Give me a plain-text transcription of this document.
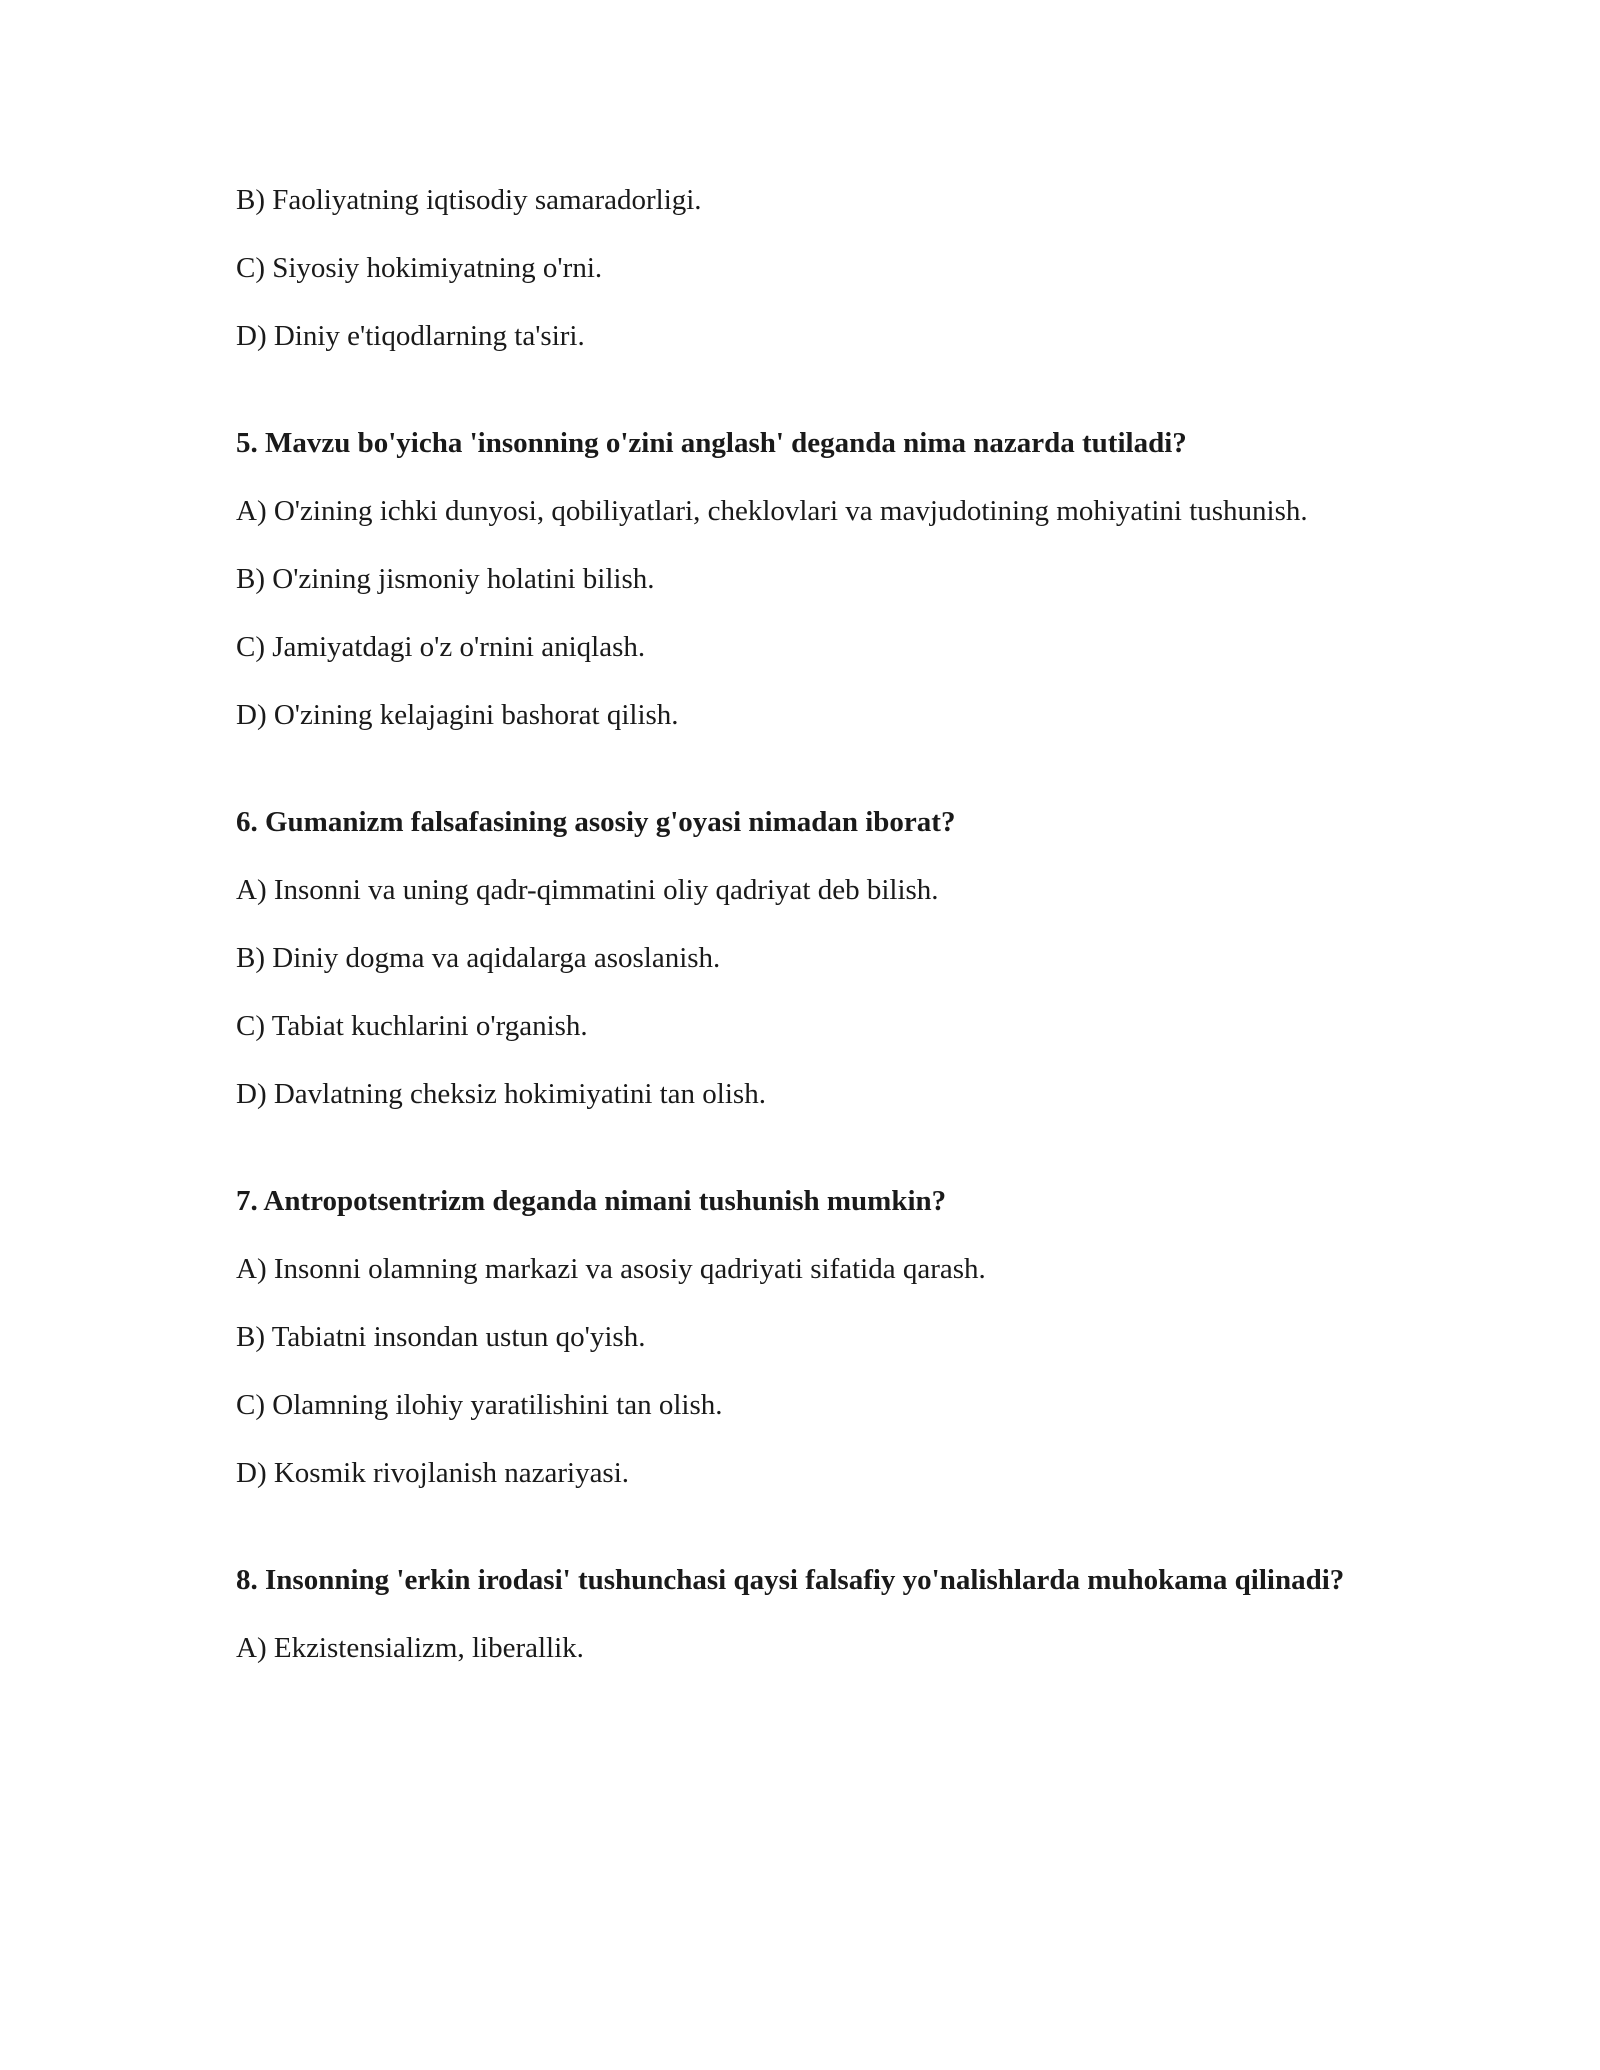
B) Faoliyatning iqtisodiy samaradorligi.

C) Siyosiy hokimiyatning o'rni.

D) Diniy e'tiqodlarning ta'siri.

5. Mavzu bo'yicha 'insonning o'zini anglash' deganda nima nazarda tutiladi?

A) O'zining ichki dunyosi, qobiliyatlari, cheklovlari va mavjudotining mohiyatini tushunish.

B) O'zining jismoniy holatini bilish.

C) Jamiyatdagi o'z o'rnini aniqlash.

D) O'zining kelajagini bashorat qilish.

6. Gumanizm falsafasining asosiy g'oyasi nimadan iborat?

A) Insonni va uning qadr-qimmatini oliy qadriyat deb bilish.

B) Diniy dogma va aqidalarga asoslanish.

C) Tabiat kuchlarini o'rganish.

D) Davlatning cheksiz hokimiyatini tan olish.

7. Antropotsentrizm deganda nimani tushunish mumkin?

A) Insonni olamning markazi va asosiy qadriyati sifatida qarash.

B) Tabiatni insondan ustun qo'yish.

C) Olamning ilohiy yaratilishini tan olish.

D) Kosmik rivojlanish nazariyasi.

8. Insonning 'erkin irodasi' tushunchasi qaysi falsafiy yo'nalishlarda muhokama qilinadi?

A) Ekzistensializm, liberallik.
